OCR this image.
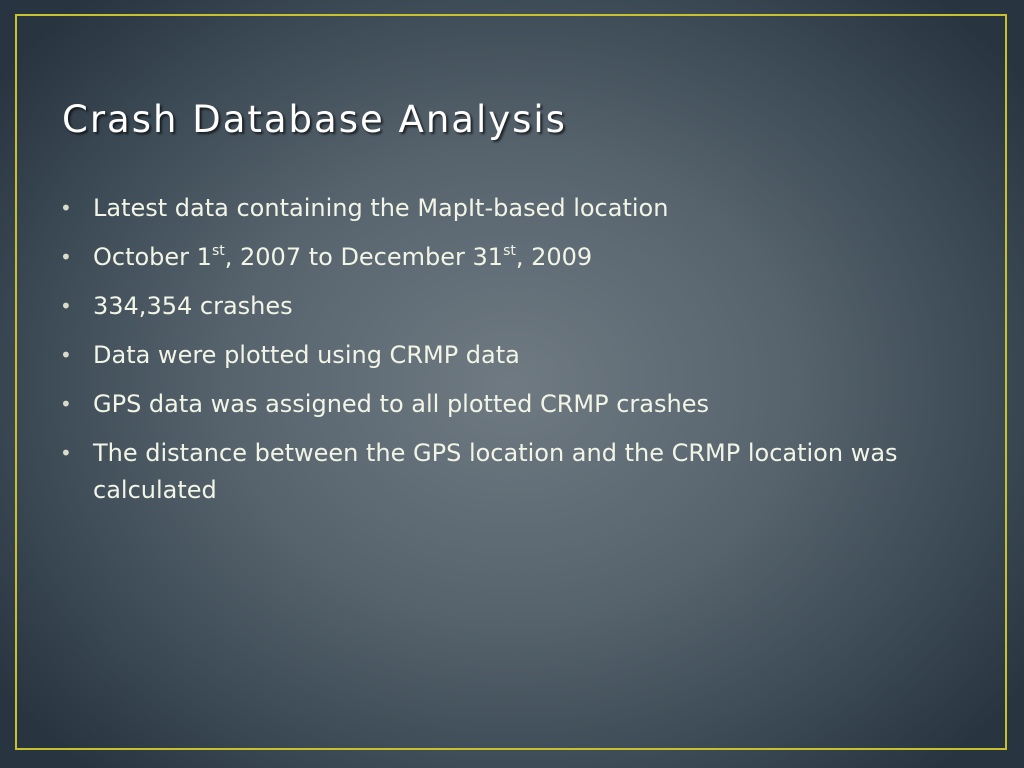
Crash Database Analysis
• Latest data containing the MapIt-based location
• October 1st, 2007 to December 31st, 2009
• 334,354 crashes
• Data were plotted using CRMP data
• GPS data was assigned to all plotted CRMP crashes
• The distance between the GPS location and the CRMP location was calculated
